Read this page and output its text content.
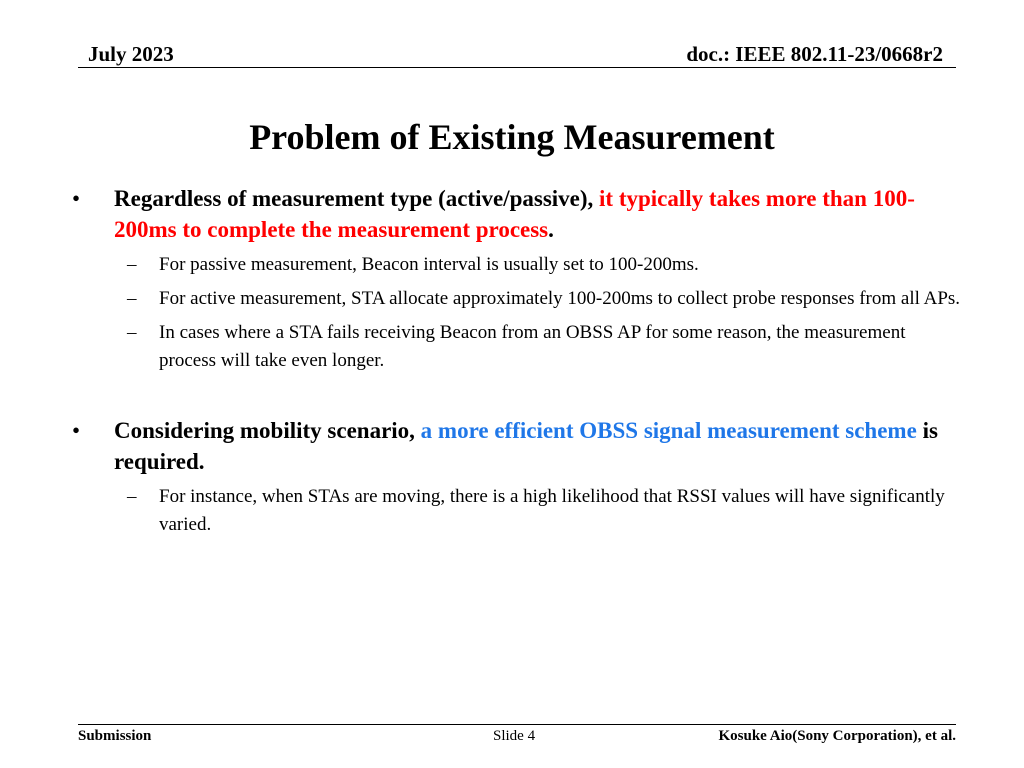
July 2023	doc.: IEEE 802.11-23/0668r2
Problem of Existing Measurement
• Regardless of measurement type (active/passive), it typically takes more than 100-200ms to complete the measurement process.
– For passive measurement, Beacon interval is usually set to 100-200ms.
– For active measurement, STA allocate approximately 100-200ms to collect probe responses from all APs.
– In cases where a STA fails receiving Beacon from an OBSS AP for some reason, the measurement process will take even longer.
• Considering mobility scenario, a more efficient OBSS signal measurement scheme is required.
– For instance, when STAs are moving, there is a high likelihood that RSSI values will have significantly varied.
Submission	Slide 4	Kosuke Aio(Sony Corporation), et al.
